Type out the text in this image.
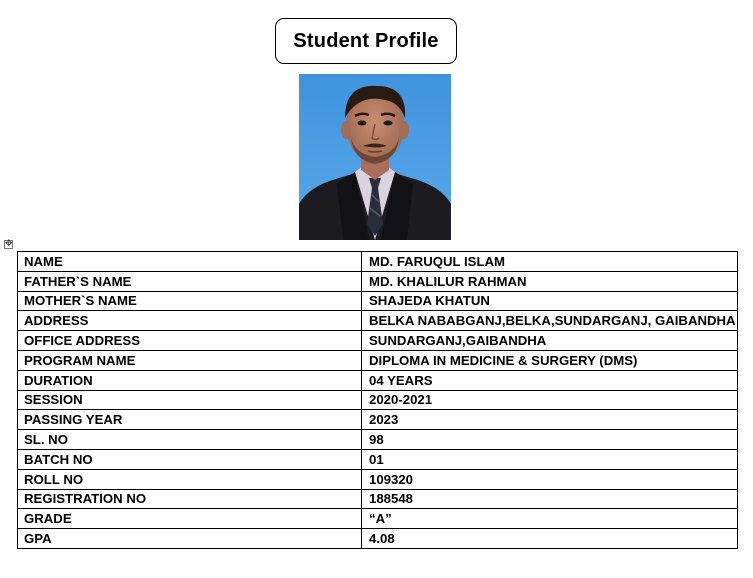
Student Profile
✥
NAME	MD. FARUQUL ISLAM
FATHER`S NAME	MD. KHALILUR RAHMAN
MOTHER`S NAME	SHAJEDA KHATUN
ADDRESS	BELKA NABABGANJ,BELKA,SUNDARGANJ, GAIBANDHA
OFFICE ADDRESS	SUNDARGANJ,GAIBANDHA
PROGRAM NAME	DIPLOMA IN MEDICINE & SURGERY (DMS)
DURATION	04 YEARS
SESSION	2020-2021
PASSING YEAR	2023
SL. NO	98
BATCH NO	01
ROLL NO	109320
REGISTRATION NO	188548
GRADE	“A”
GPA	4.08
